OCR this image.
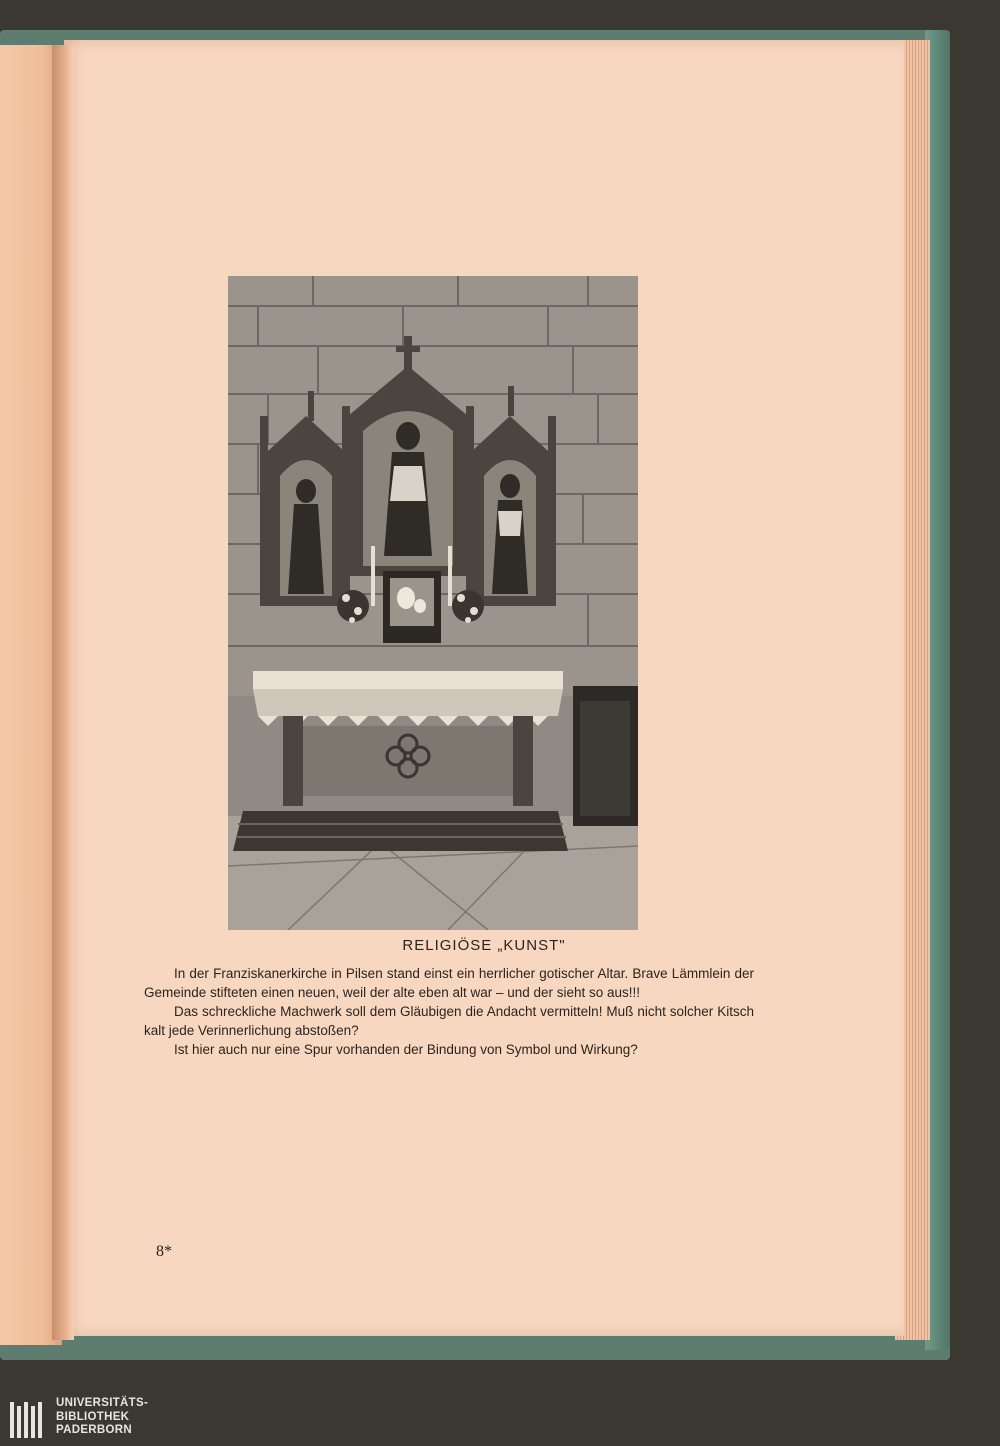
RELIGIÖSE „KUNST"

In der Franziskanerkirche in Pilsen stand einst ein herrlicher gotischer Altar. Brave Lämmlein der Gemeinde stifteten einen neuen, weil der alte eben alt war – und der sieht so aus!!!

Das schreckliche Machwerk soll dem Gläubigen die Andacht vermitteln! Muß nicht solcher Kitsch kalt jede Verinnerlichung abstoßen?

Ist hier auch nur eine Spur vorhanden der Bindung von Symbol und Wirkung?

8*
UNIVERSITÄTS-
BIBLIOTHEK
PADERBORN
